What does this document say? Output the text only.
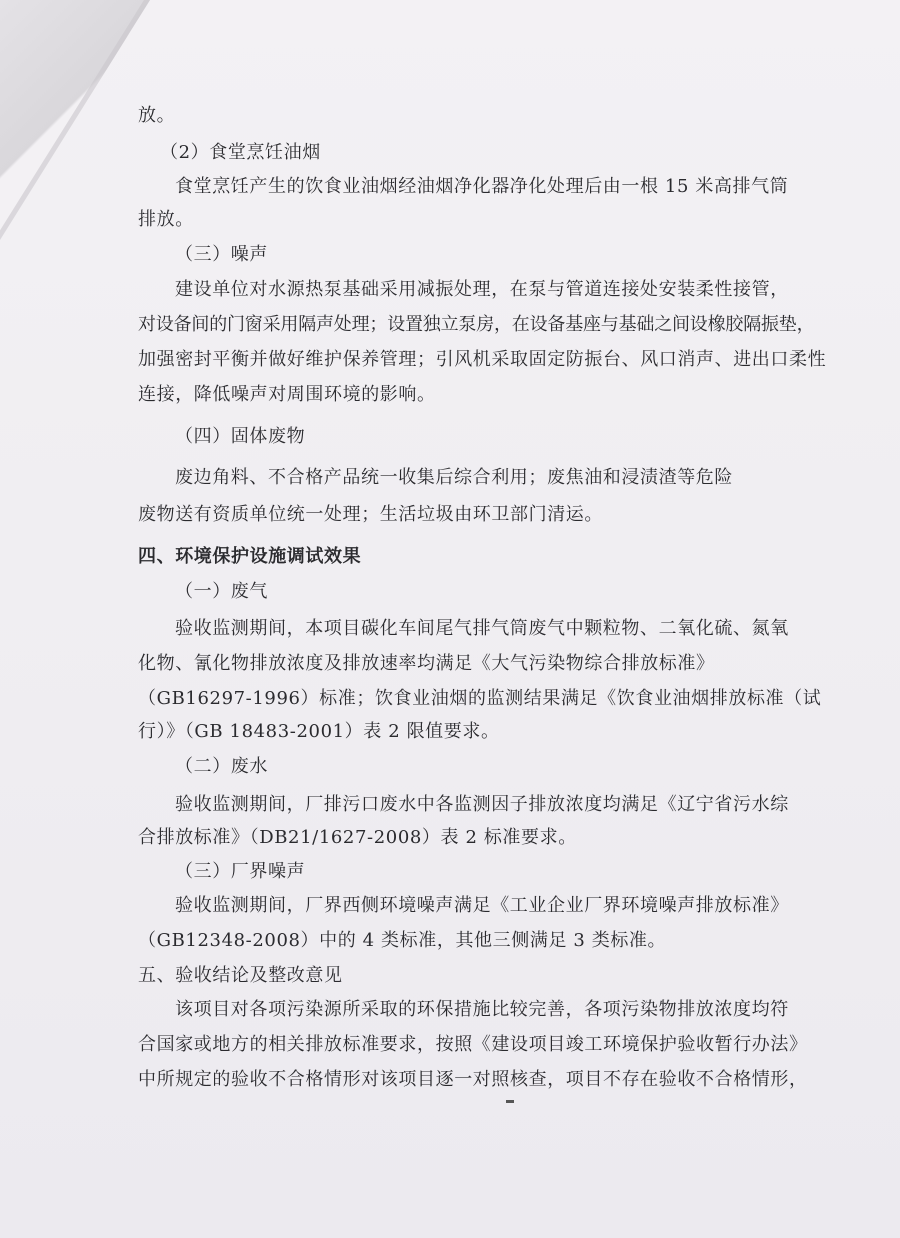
放。
（2）食堂烹饪油烟
食堂烹饪产生的饮食业油烟经油烟净化器净化处理后由一根 15 米高排气筒
排放。
（三）噪声
建设单位对水源热泵基础采用减振处理，在泵与管道连接处安装柔性接管，
对设备间的门窗采用隔声处理；设置独立泵房，在设备基座与基础之间设橡胶隔振垫，
加强密封平衡并做好维护保养管理；引风机采取固定防振台、风口消声、进出口柔性
连接，降低噪声对周围环境的影响。
（四）固体废物
废边角料、不合格产品统一收集后综合利用；废焦油和浸渍渣等危险
废物送有资质单位统一处理；生活垃圾由环卫部门清运。
四、环境保护设施调试效果
（一）废气
验收监测期间，本项目碳化车间尾气排气筒废气中颗粒物、二氧化硫、氮氧
化物、氰化物排放浓度及排放速率均满足《大气污染物综合排放标准》
（GB16297-1996）标准；饮食业油烟的监测结果满足《饮食业油烟排放标准（试
行）》（GB 18483-2001）表 2 限值要求。
（二）废水
验收监测期间，厂排污口废水中各监测因子排放浓度均满足《辽宁省污水综
合排放标准》（DB21/1627-2008）表 2 标准要求。
（三）厂界噪声
验收监测期间，厂界西侧环境噪声满足《工业企业厂界环境噪声排放标准》
（GB12348-2008）中的 4 类标准，其他三侧满足 3 类标准。
五、验收结论及整改意见
该项目对各项污染源所采取的环保措施比较完善，各项污染物排放浓度均符
合国家或地方的相关排放标准要求，按照《建设项目竣工环境保护验收暂行办法》
中所规定的验收不合格情形对该项目逐一对照核查，项目不存在验收不合格情形，
